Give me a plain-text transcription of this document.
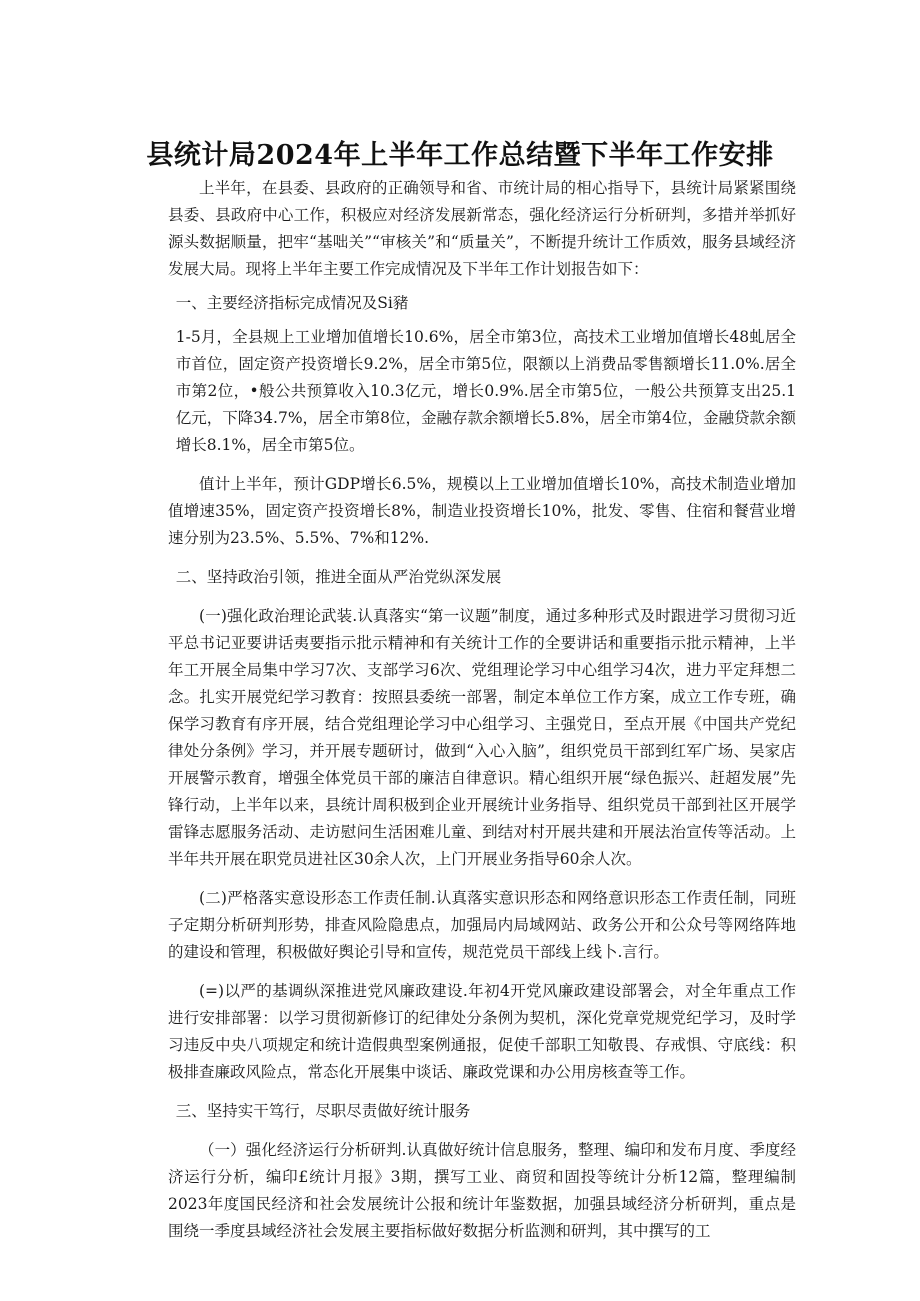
县统计局2024年上半年工作总结暨下半年工作安排

上半年，在县委、县政府的正确领导和省、市统计局的相心指导下，县统计局紧紧围绕县委、县政府中心工作，积极应对经济发展新常态，强化经济运行分析研判，多措并举抓好源头数据顺量，把牢“基咄关”“审核关”和“质量关”，不断提升统计工作质效，服务县域经济发展大局。现将上半年主要工作完成情况及下半年工作计划报告如下：

一、主要经济指标完成情况及Si豬

1-5月，全县规上工业增加值增长10.6%，居全市第3位，高技术工业增加值增长48虬居全市首位，固定资产投资增长9.2%，居全市第5位，限额以上消费品零售额增长11.0%.居全市第2位，•般公共预算收入10.3亿元，增长0.9%.居全市第5位，一般公共预算支出25.1亿元，下降34.7%，居全市第8位，金融存款余额增长5.8%，居全市第4位，金融贷款余额增长8.1%，居全市第5位。

值计上半年，预计GDP增长6.5%，规模以上工业增加值增长10%，高技术制造业增加值增速35%，固定资产投资增长8%，制造业投资增长10%，批发、零售、住宿和餐营业增速分别为23.5%、5.5%、7%和12%.

二、坚持政治引领，推进全面从严治党纵深发展

(一)强化政治理论武装.认真落实“第一议题”制度，通过多种形式及时跟进学习贯彻习近平总书记亚要讲话夷要指示批示精神和有关统计工作的全要讲话和重要指示批示精神，上半年工开展全局集中学习7次、支部学习6次、党组理论学习中心组学习4次，进力平定拜想二念。扎实开展党纪学习教育：按照县委统一部署，制定本单位工作方案，成立工作专班，确保学习教育有序开展，结合党组理论学习中心组学习、主强党日，至点开展《中国共产党纪律处分条例》学习，并开展专题研讨，做到“入心入脑”，组织党员干部到红军广场、吴家店开展警示教育，增强全体党员干部的廉洁自律意识。精心组织开展“绿色振兴、赶超发展”先锋行动，上半年以来，县统计周积极到企业开展统计业务指导、组织党员干部到社区开展学雷锋志愿服务活动、走访慰问生活困难儿童、到结对村开展共建和开展法治宣传等活动。上半年共开展在职党员进社区30余人次，上门开展业务指导60余人次。

(二)严格落实意设形态工作责任制.认真落实意识形态和网络意识形态工作责任制，同班子定期分析研判形势，排查风险隐患点，加强局内局域网站、政务公开和公众号等网络阵地的建设和管理，积极做好舆论引导和宣传，规范党员干部线上线卜.言行。

(=)以严的基调纵深推进党风廉政建设.年初4开党风廉政建设部署会，对全年重点工作进行安排部署：以学习贯彻新修订的纪律处分条例为契机，深化党章党规党纪学习，及时学习违反中央八项规定和统计造假典型案例通报，促使千部职工知敬畏、存戒惧、守底线：积极排查廉政风险点，常态化开展集中谈话、廉政党课和办公用房核查等工作。

三、坚持实干笃行，尽职尽责做好统计服务

（一）强化经济运行分析研判.认真做好统计信息服务，整理、编印和发布月度、季度经济运行分析，编印£统计月报》3期，撰写工业、商贸和固投等统计分析12篇，整理编制2023年度国民经济和社会发展统计公报和统计年鉴数据，加强县域经济分析研判，重点是围绕一季度县域经济社会发展主要指标做好数据分析监测和研判，其中撰写的工
